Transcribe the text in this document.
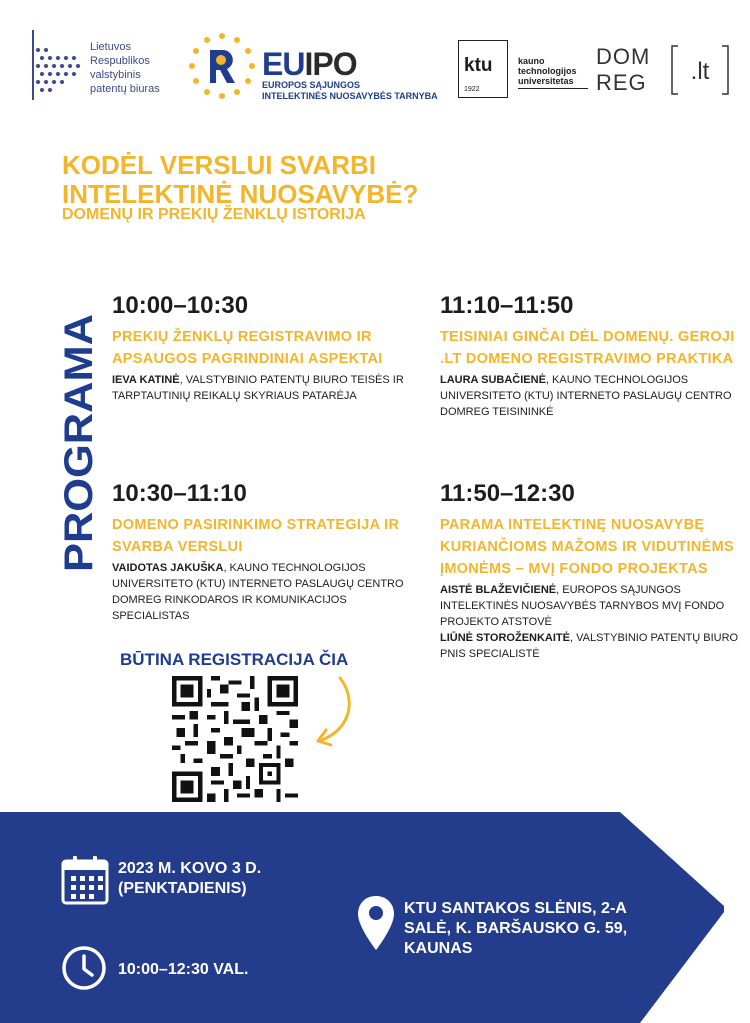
Lietuvos
Respublikos
valstybinis
patentų biuras
EUIPO
EUROPOS SĄJUNGOS
INTELEKTINĖS NUOSAVYBĖS TARNYBA
ktu
1922
kauno
technologijos
universitetas
DOM
REG	.lt
KODĖL VERSLUI SVARBI
INTELEKTINĖ NUOSAVYBĖ?
DOMENŲ IR PREKIŲ ŽENKLŲ ISTORIJA
PROGRAMA
10:00–10:30
PREKIŲ ŽENKLŲ REGISTRAVIMO IR APSAUGOS PAGRINDINIAI ASPEKTAI
IEVA KATINĖ, VALSTYBINIO PATENTŲ BIURO TEISĖS IR TARPTAUTINIŲ REIKALŲ SKYRIAUS PATARĖJA
11:10–11:50
TEISINIAI GINČAI DĖL DOMENŲ. GEROJI .LT DOMENO REGISTRAVIMO PRAKTIKA
LAURA SUBAČIENĖ, KAUNO TECHNOLOGIJOS UNIVERSITETO (KTU) INTERNETO PASLAUGŲ CENTRO DOMREG TEISININKĖ
10:30–11:10
DOMENO PASIRINKIMO STRATEGIJA IR SVARBA VERSLUI
VAIDOTAS JAKUŠKA, KAUNO TECHNOLOGIJOS UNIVERSITETO (KTU) INTERNETO PASLAUGŲ CENTRO DOMREG RINKODAROS IR KOMUNIKACIJOS SPECIALISTAS
11:50–12:30
PARAMA INTELEKTINĘ NUOSAVYBĘ KURIANČIOMS MAŽOMS IR VIDUTINĖMS ĮMONĖMS – MVĮ FONDO PROJEKTAS
AISTĖ BLAŽEVIČIENĖ, EUROPOS SĄJUNGOS INTELEKTINĖS NUOSAVYBĖS TARNYBOS MVĮ FONDO PROJEKTO ATSTOVĖ
LIŪNĖ STOROŽENKAITĖ, VALSTYBINIO PATENTŲ BIURO PNIS SPECIALISTĖ
BŪTINA REGISTRACIJA ČIA
2023 M. KOVO 3 D.
(PENKTADIENIS)
10:00–12:30 VAL.
KTU SANTAKOS SLĖNIS, 2-A
SALĖ, K. BARŠAUSKO G. 59,
KAUNAS
